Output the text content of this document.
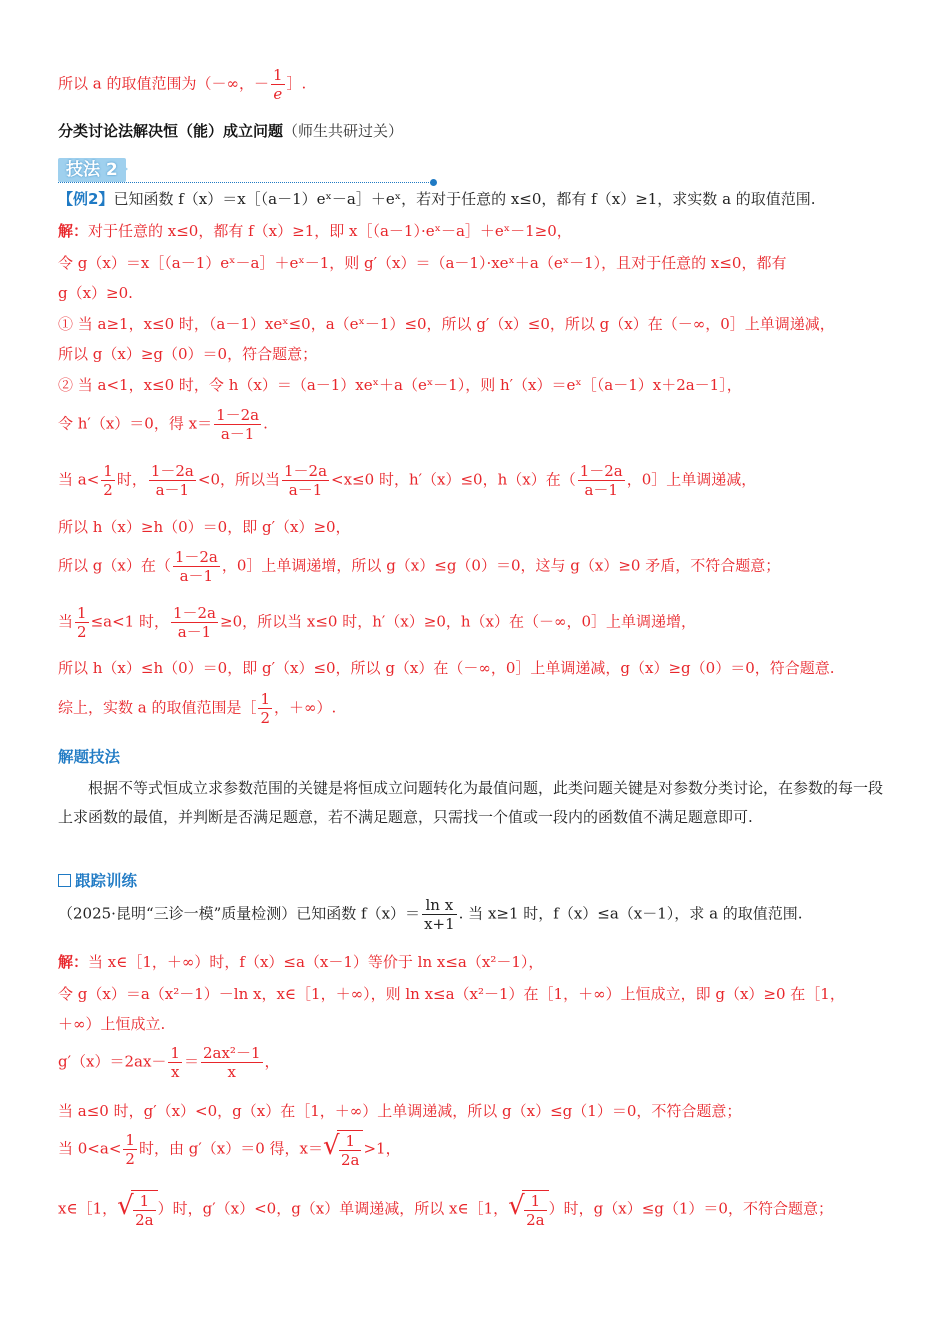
所以 a 的取值范围为（－∞，－ $\frac{1}{e}$ ］.
分类讨论法解决恒（能）成立问题（师生共研过关）
技法 2
【例2】已知函数 f（x）＝x［（a－1）eˣ－a］＋eˣ，若对于任意的 x≤0，都有 f（x）≥1，求实数 a 的取值范围.
解：对于任意的 x≤0，都有 f（x）≥1，即 x［（a－1）·eˣ－a］＋eˣ－1≥0，
令 g（x）＝x［（a－1）eˣ－a］＋eˣ－1，则 g′（x）＝（a－1）·xeˣ＋a（eˣ－1），且对于任意的 x≤0，都有
g（x）≥0.
① 当 a≥1，x≤0 时，（a－1）xeˣ≤0，a（eˣ－1）≤0，所以 g′（x）≤0，所以 g（x）在（－∞，0］上单调递减，
所以 g（x）≥g（0）＝0，符合题意；
② 当 a<1，x≤0 时，令 h（x）＝（a－1）xeˣ＋a（eˣ－1），则 h′（x）＝eˣ［（a－1）x＋2a－1］，
令 h′（x）＝0，得 $x= \frac{1-2a}{a-1}$ .
当 $a< \frac{1}{2}$ 时， $\frac{1-2a}{a-1} <0$，所以当 $\frac{1-2a}{a-1} <x\le 0$ 时，h′（x）≤0，h（x）在（ $\frac{1-2a}{a-1}$ ，0］上单调递减，
所以 h（x）≥h（0）＝0，即 g′（x）≥0，
所以 g（x）在（ $\frac{1-2a}{a-1}$ ，0］上单调递增，所以 g（x）≤g（0）＝0，这与 g（x）≥0 矛盾，不符合题意；
当 $\frac{1}{2} \le a<1$ 时， $\frac{1-2a}{a-1} \ge 0$，所以当 x≤0 时，h′（x）≥0，h（x）在（－∞，0］上单调递增，
所以 h（x）≤h（0）＝0，即 g′（x）≤0，所以 g（x）在（－∞，0］上单调递减，g（x）≥g（0）＝0，符合题意.
综上，实数 a 的取值范围是［ $\frac{1}{2}$ ，＋∞）.
解题技法
根据不等式恒成立求参数范围的关键是将恒成立问题转化为最值问题，此类问题关键是对参数分类讨论，在参数的每一段上求函数的最值，并判断是否满足题意，若不满足题意，只需找一个值或一段内的函数值不满足题意即可.
跟踪训练
（2025·昆明“三诊一模”质量检测）已知函数 $f(x)= \frac{\text{ln x}}{x+1}$ . 当 x≥1 时，f（x）≤a（x－1），求 a 的取值范围.
解：当 x∈［1，＋∞）时，f（x）≤a（x－1）等价于 ln x≤a（x²－1），
令 g（x）＝a（x²－1）－ln x，x∈［1，＋∞），则 ln x≤a（x²－1）在［1，＋∞）上恒成立，即 g（x）≥0 在［1，
＋∞）上恒成立.
$g'(x)=2ax- \frac{1}{x} = \frac{\text{2ax²－1}}{x}$ ，
当 a≤0 时，g′（x）<0，g（x）在［1，＋∞）上单调递减，所以 g（x）≤g（1）＝0，不符合题意；
当 $0<a< \frac{1}{2}$ 时，由 g′（x）＝0 得，x＝ √ $\frac{1}{2a} >1$，
x∈［1， √ $\frac{1}{2a}$ ）时，g′（x）<0，g（x）单调递减，所以 x∈［1， √ $\frac{1}{2a}$ ）时，g（x）≤g（1）＝0，不符合题意；
